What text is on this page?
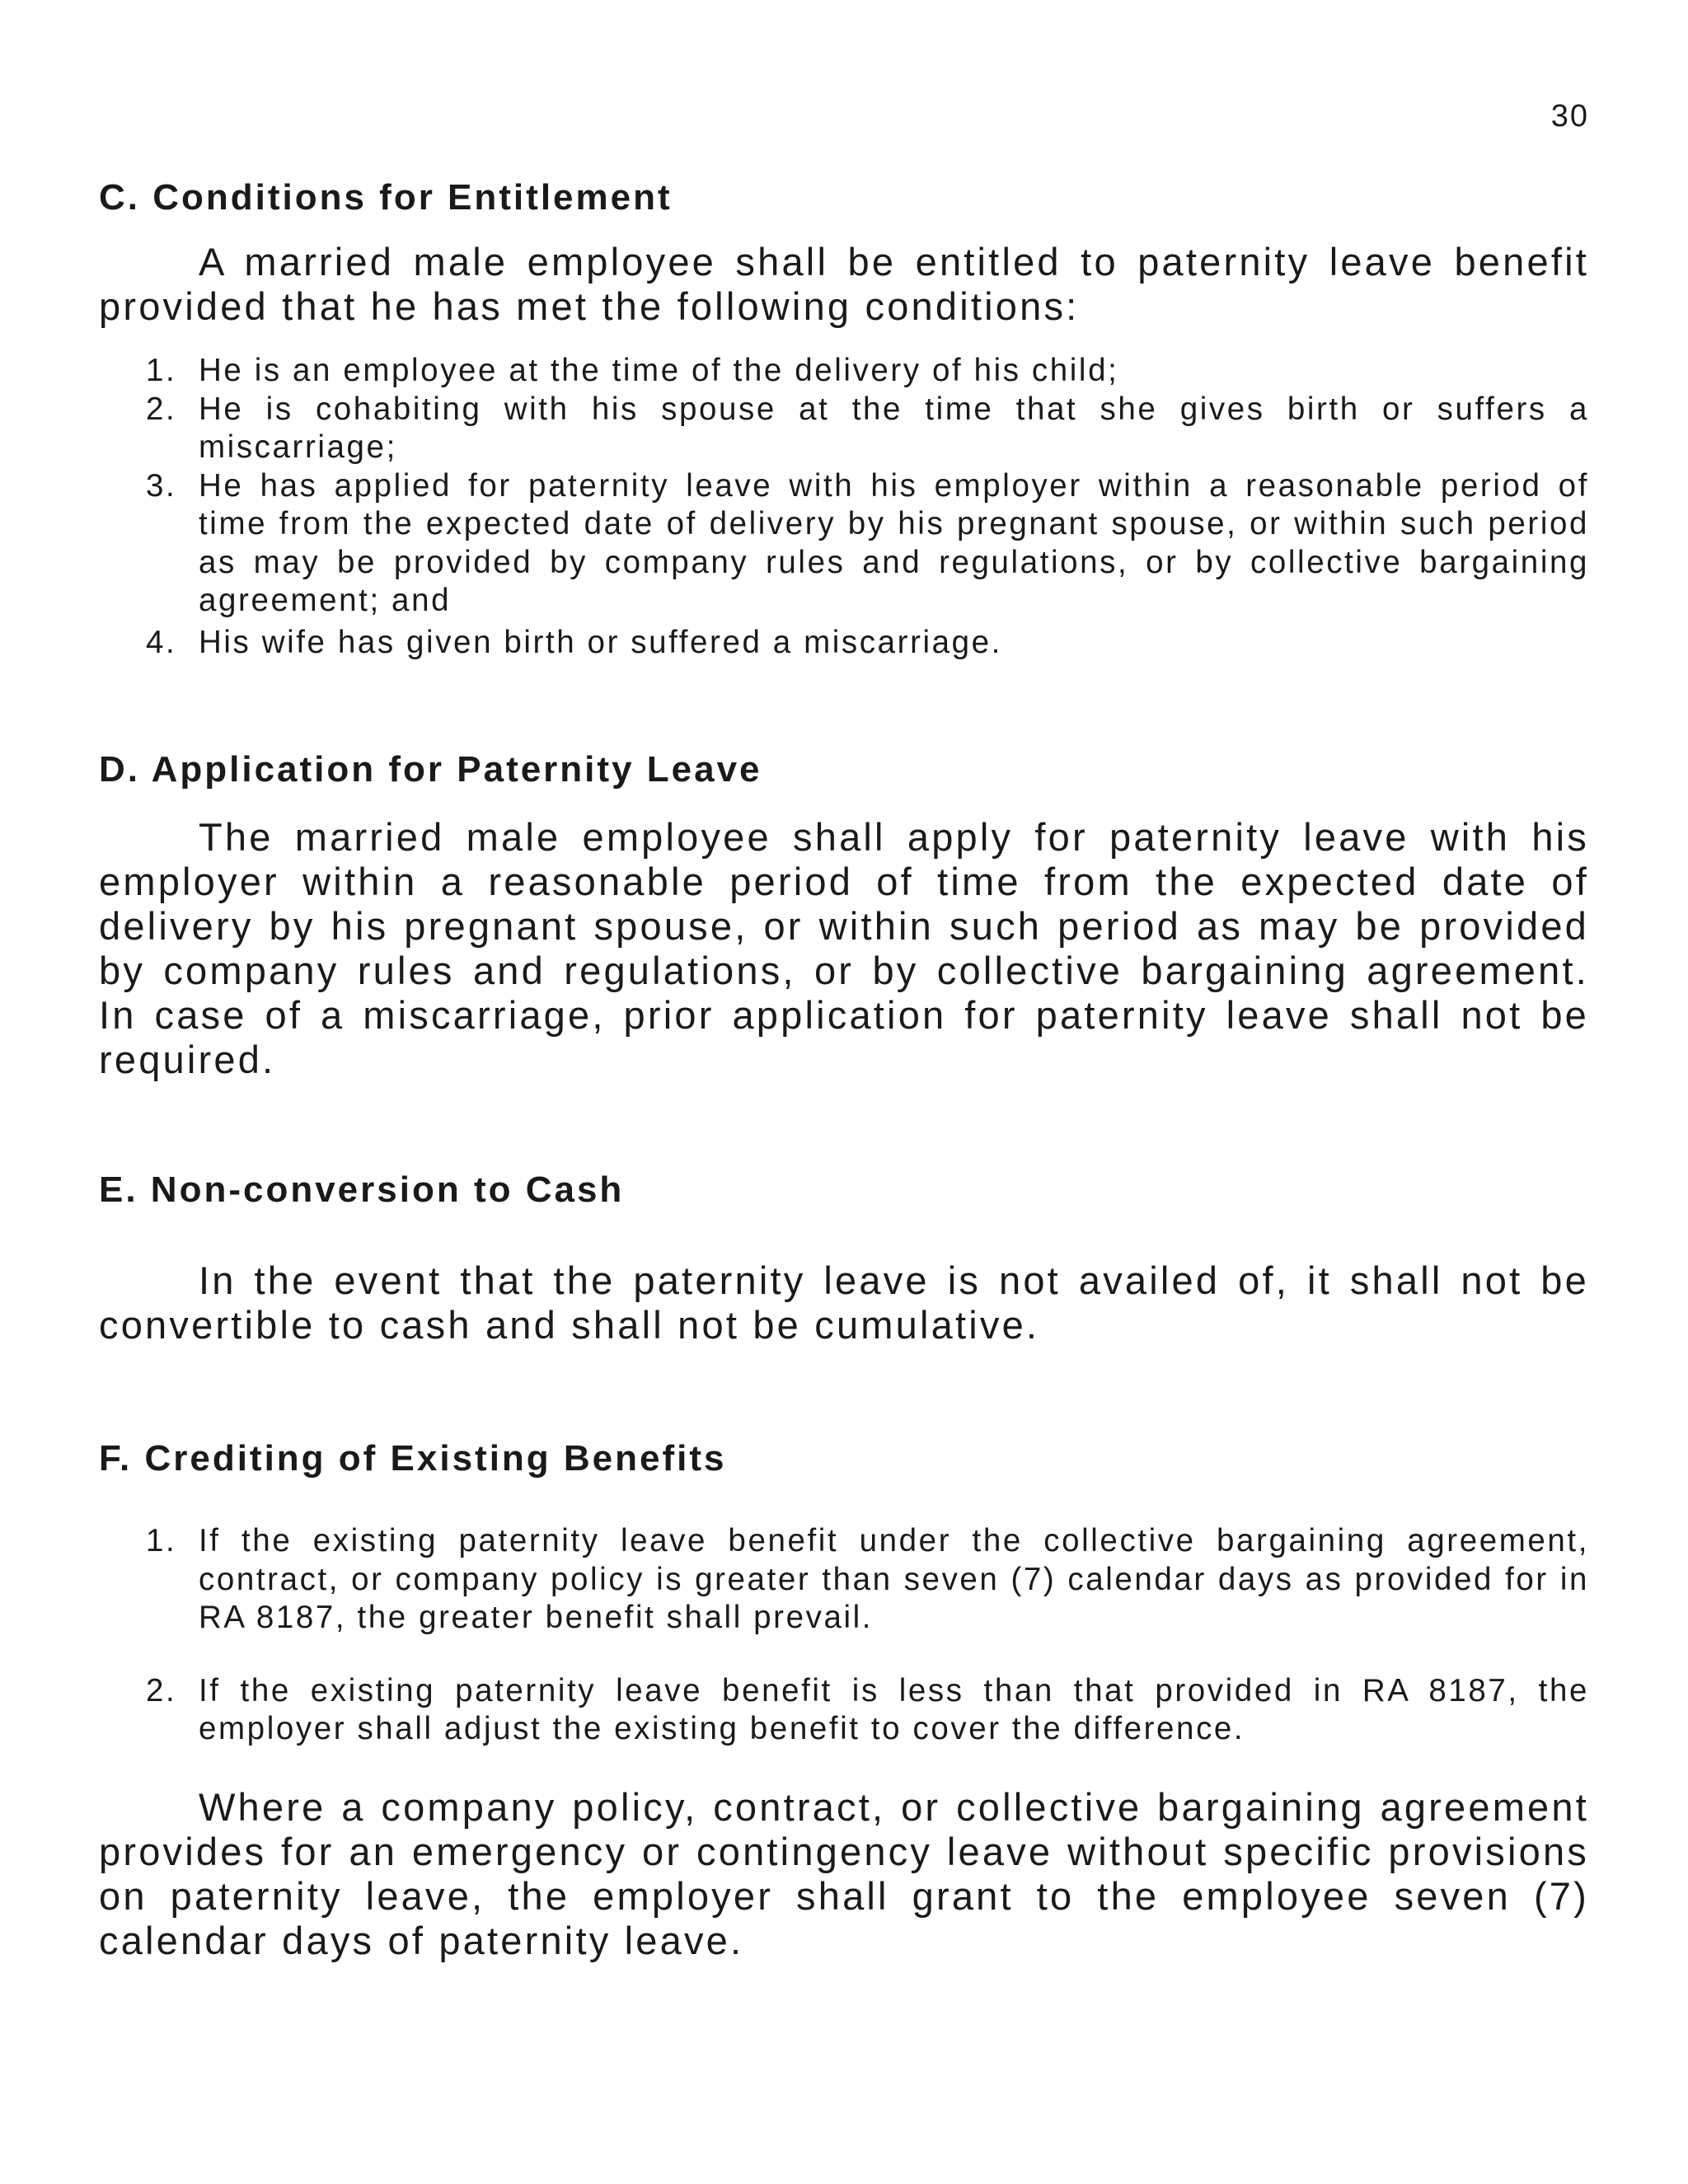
30
C. Conditions for Entitlement

A married male employee shall be entitled to paternity leave benefit provided that he has met the following conditions:

1. He is an employee at the time of the delivery of his child;
2. He is cohabiting with his spouse at the time that she gives birth or suffers a miscarriage;
3. He has applied for paternity leave with his employer within a reasonable period of time from the expected date of delivery by his pregnant spouse, or within such period as may be provided by company rules and regulations, or by collective bargaining agreement; and
4. His wife has given birth or suffered a miscarriage.
D. Application for Paternity Leave

The married male employee shall apply for paternity leave with his employer within a reasonable period of time from the expected date of delivery by his pregnant spouse, or within such period as may be provided by company rules and regulations, or by collective bargaining agreement. In case of a miscarriage, prior application for paternity leave shall not be required.

E. Non-conversion to Cash

In the event that the paternity leave is not availed of, it shall not be convertible to cash and shall not be cumulative.

F. Crediting of Existing Benefits
1. If the existing paternity leave benefit under the collective bargaining agreement, contract, or company policy is greater than seven (7) calendar days as provided for in RA 8187, the greater benefit shall prevail.
2. If the existing paternity leave benefit is less than that provided in RA 8187, the employer shall adjust the existing benefit to cover the difference.

Where a company policy, contract, or collective bargaining agreement provides for an emergency or contingency leave without specific provisions on paternity leave, the employer shall grant to the employee seven (7) calendar days of paternity leave.
